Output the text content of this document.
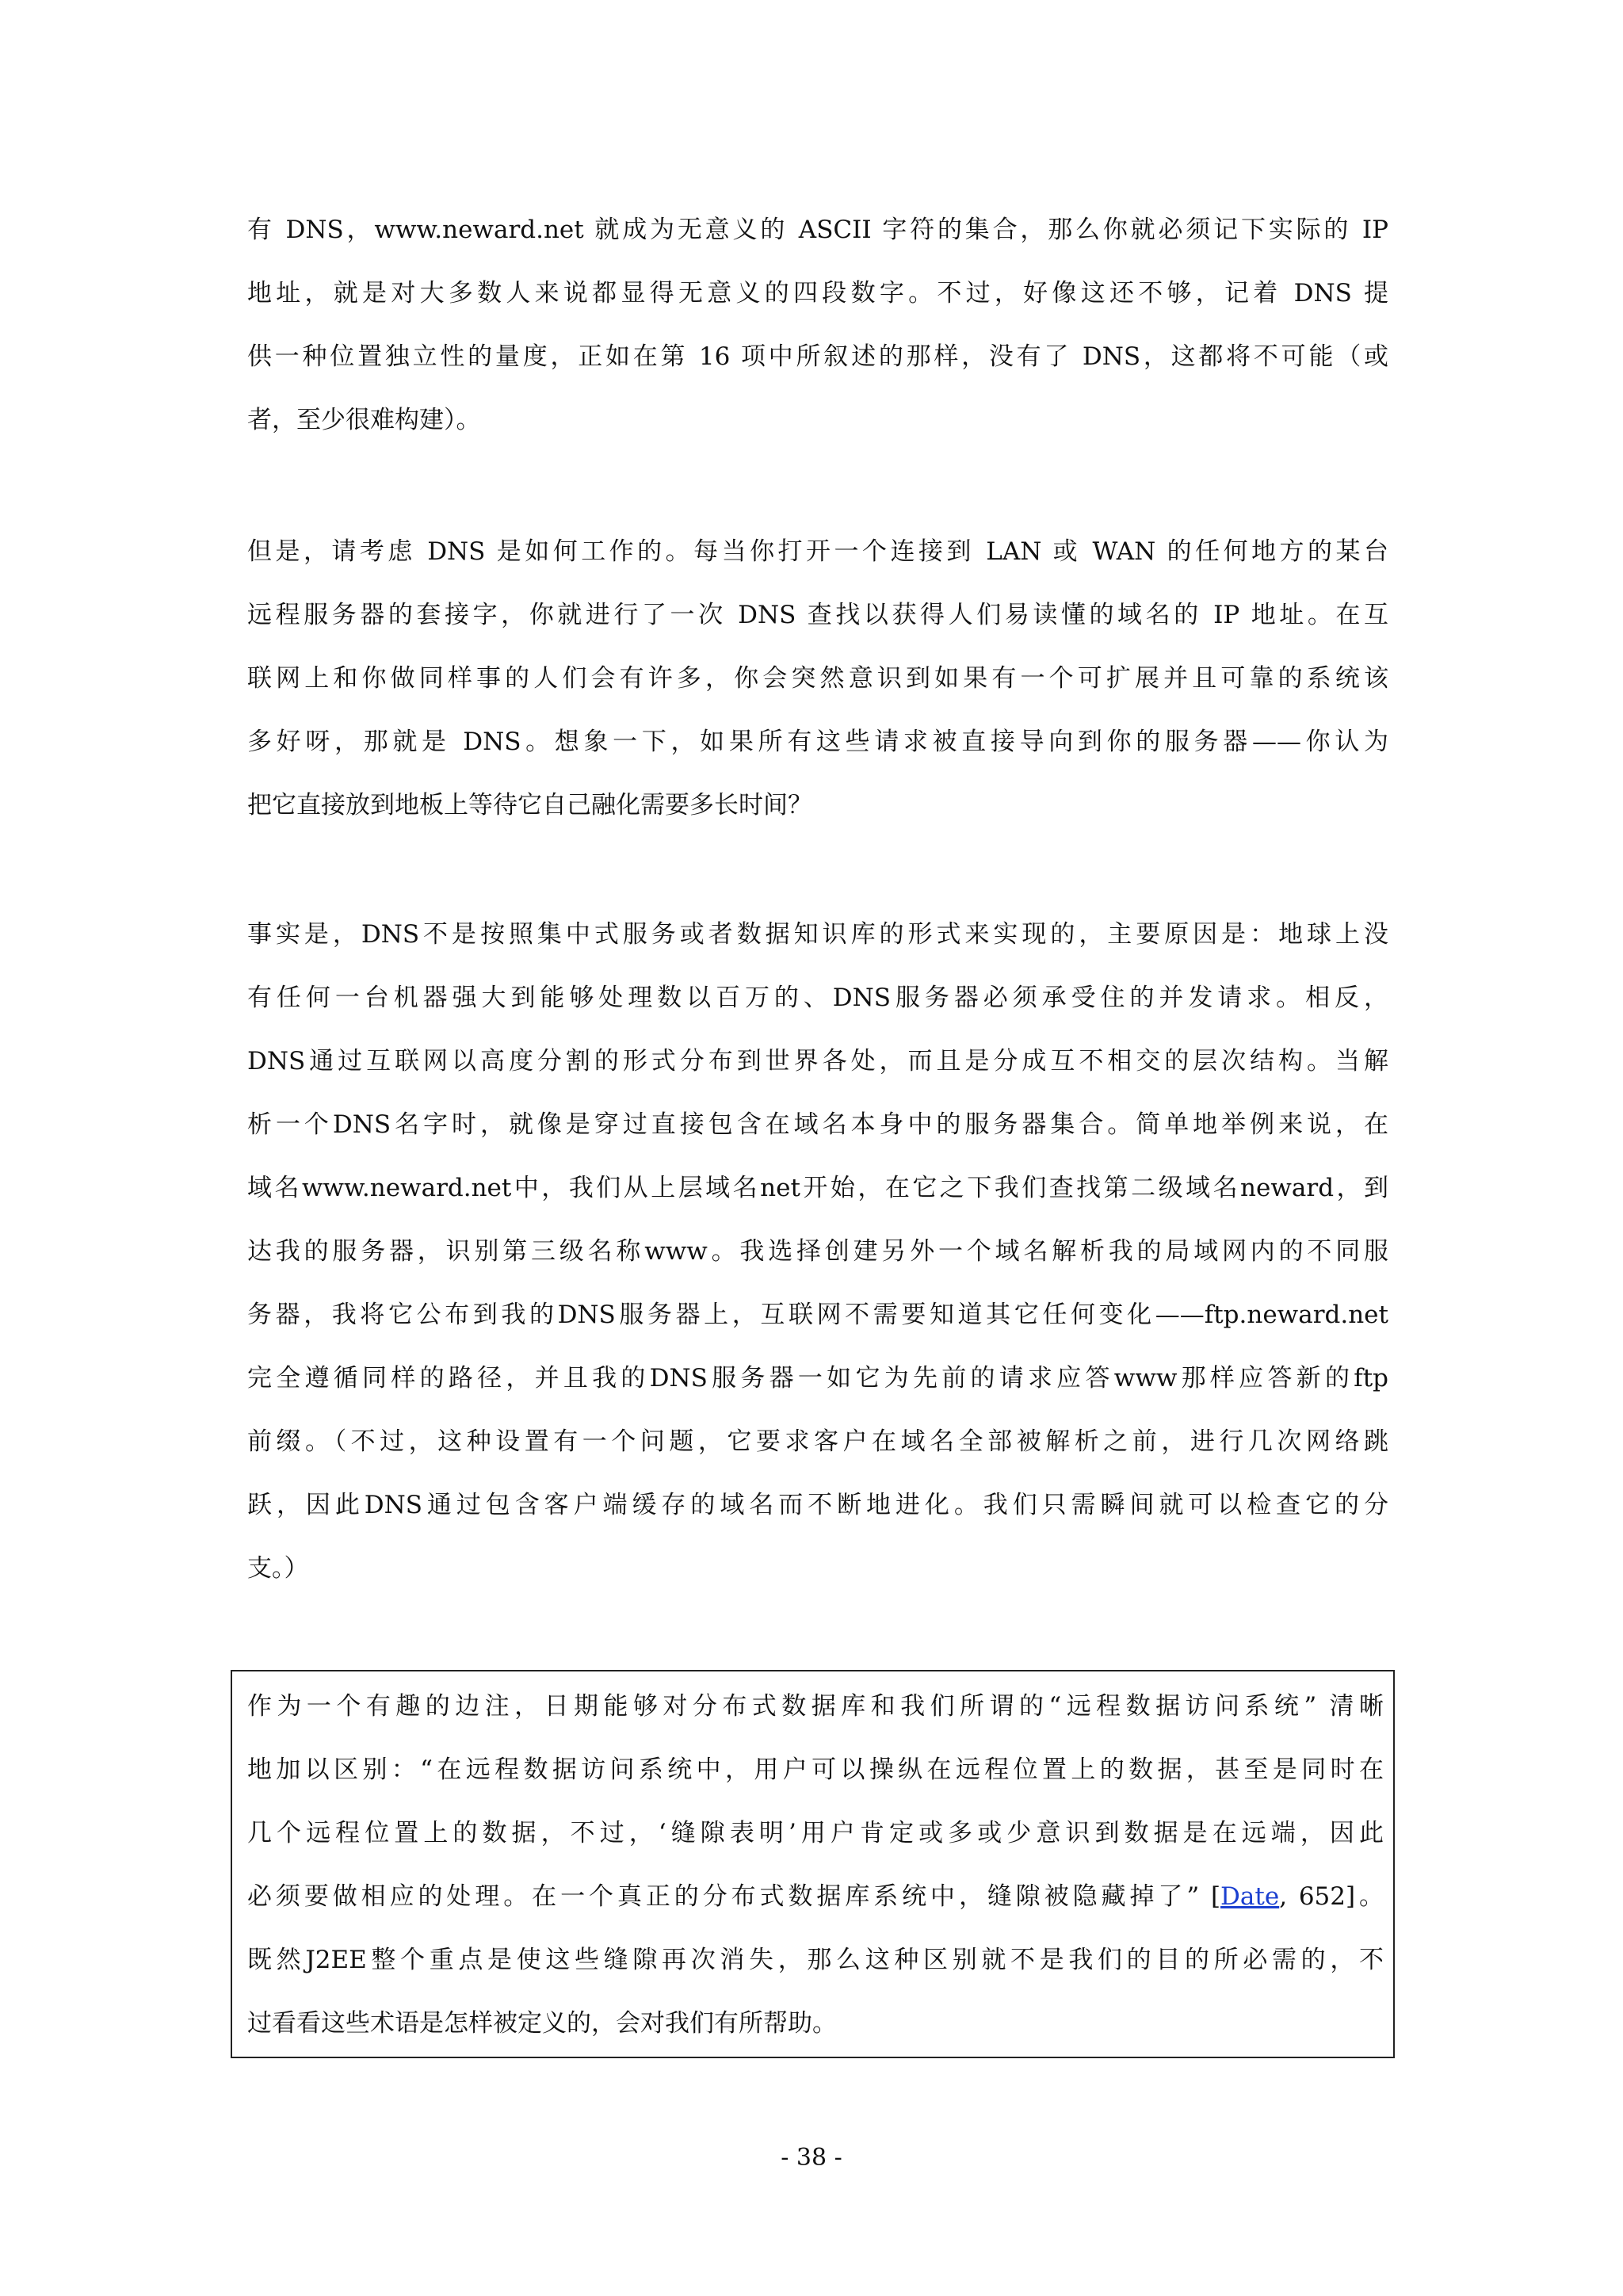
有 DNS，www.neward.net 就成为无意义的 ASCII 字符的集合，那么你就必须记下实际的 IP
地址，就是对大多数人来说都显得无意义的四段数字。不过，好像这还不够，记着 DNS 提
供一种位置独立性的量度，正如在第 16 项中所叙述的那样，没有了 DNS，这都将不可能（或
者，至少很难构建）。
但是，请考虑 DNS 是如何工作的。每当你打开一个连接到 LAN 或 WAN 的任何地方的某台
远程服务器的套接字，你就进行了一次 DNS 查找以获得人们易读懂的域名的 IP 地址。在互
联网上和你做同样事的人们会有许多，你会突然意识到如果有一个可扩展并且可靠的系统该
多好呀，那就是 DNS。想象一下，如果所有这些请求被直接导向到你的服务器——你认为
把它直接放到地板上等待它自己融化需要多长时间？
事实是，DNS不是按照集中式服务或者数据知识库的形式来实现的，主要原因是：地球上没
有任何一台机器强大到能够处理数以百万的、DNS服务器必须承受住的并发请求。相反，
DNS通过互联网以高度分割的形式分布到世界各处，而且是分成互不相交的层次结构。当解
析一个DNS名字时，就像是穿过直接包含在域名本身中的服务器集合。简单地举例来说，在
域名www.neward.net中，我们从上层域名net开始，在它之下我们查找第二级域名neward，到
达我的服务器，识别第三级名称www。我选择创建另外一个域名解析我的局域网内的不同服
务器，我将它公布到我的DNS服务器上，互联网不需要知道其它任何变化——ftp.neward.net
完全遵循同样的路径，并且我的DNS服务器一如它为先前的请求应答www那样应答新的ftp
前缀。（不过，这种设置有一个问题，它要求客户在域名全部被解析之前，进行几次网络跳
跃，因此DNS通过包含客户端缓存的域名而不断地进化。我们只需瞬间就可以检查它的分
支。）
作为一个有趣的边注，日期能够对分布式数据库和我们所谓的“远程数据访问系统” 清晰
地加以区别：“在远程数据访问系统中，用户可以操纵在远程位置上的数据，甚至是同时在
几个远程位置上的数据，不过，‘缝隙表明’用户肯定或多或少意识到数据是在远端，因此
必须要做相应的处理。在一个真正的分布式数据库系统中，缝隙被隐藏掉了” [Date, 652]。
既然J2EE整个重点是使这些缝隙再次消失，那么这种区别就不是我们的目的所必需的，不
过看看这些术语是怎样被定义的，会对我们有所帮助。
- 38 -
